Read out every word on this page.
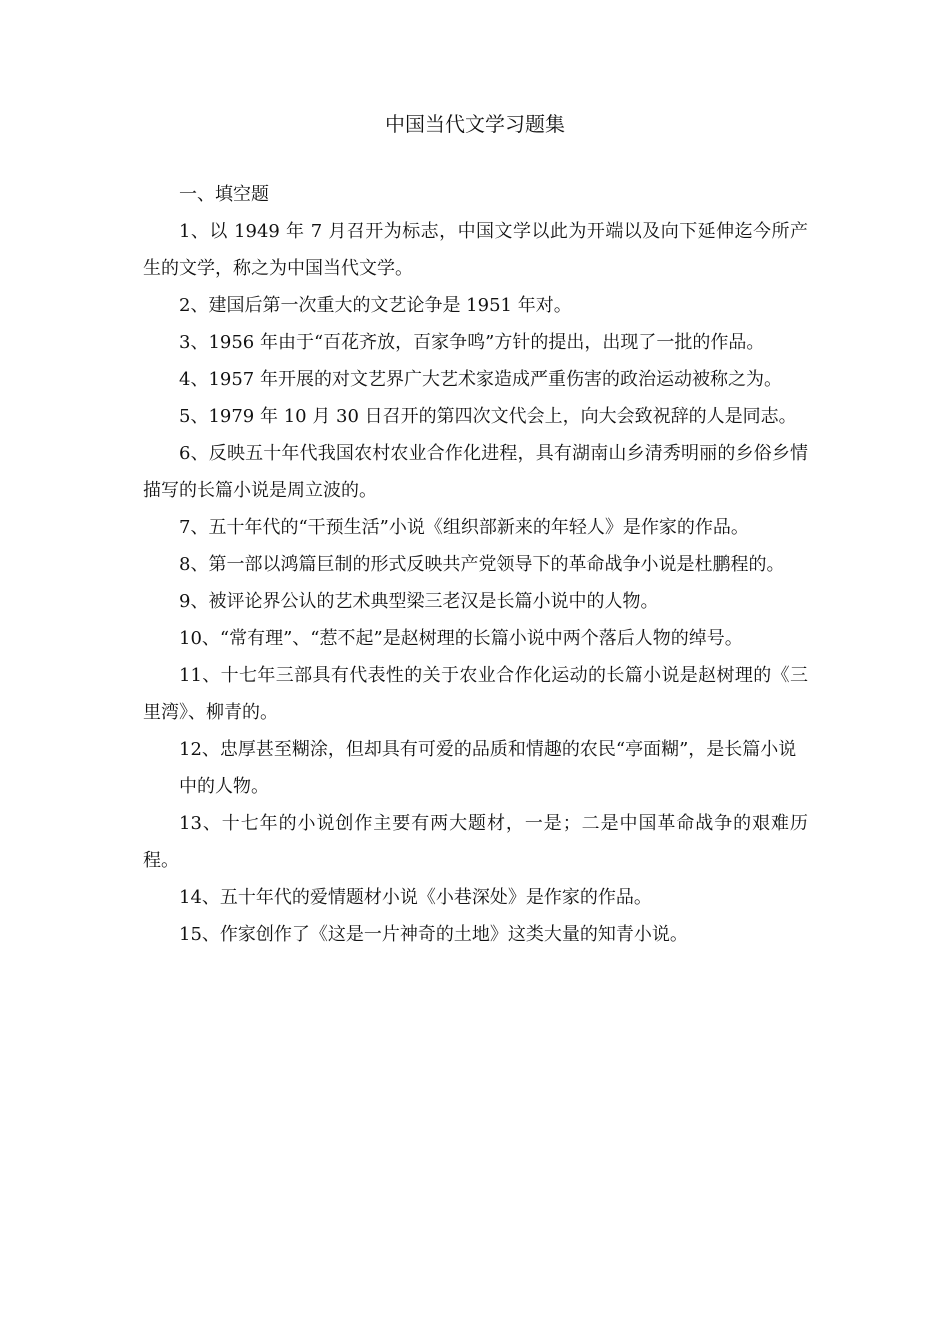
中国当代文学习题集

一、填空题

1、以 1949 年 7 月召开为标志，中国文学以此为开端以及向下延伸迄今所产生的文学，称之为中国当代文学。

2、建国后第一次重大的文艺论争是 1951 年对。

3、1956 年由于“百花齐放，百家争鸣”方针的提出，出现了一批的作品。

4、1957 年开展的对文艺界广大艺术家造成严重伤害的政治运动被称之为。

5、1979 年 10 月 30 日召开的第四次文代会上，向大会致祝辞的人是同志。

6、反映五十年代我国农村农业合作化进程，具有湖南山乡清秀明丽的乡俗乡情描写的长篇小说是周立波的。

7、五十年代的“干预生活”小说《组织部新来的年轻人》是作家的作品。

8、第一部以鸿篇巨制的形式反映共产党领导下的革命战争小说是杜鹏程的。

9、被评论界公认的艺术典型梁三老汉是长篇小说中的人物。

10、“常有理”、“惹不起”是赵树理的长篇小说中两个落后人物的绰号。

11、十七年三部具有代表性的关于农业合作化运动的长篇小说是赵树理的《三里湾》、柳青的。

12、忠厚甚至糊涂，但却具有可爱的品质和情趣的农民“亭面糊”，是长篇小说

中的人物。

13、十七年的小说创作主要有两大题材，一是；二是中国革命战争的艰难历程。

14、五十年代的爱情题材小说《小巷深处》是作家的作品。

15、作家创作了《这是一片神奇的土地》这类大量的知青小说。
